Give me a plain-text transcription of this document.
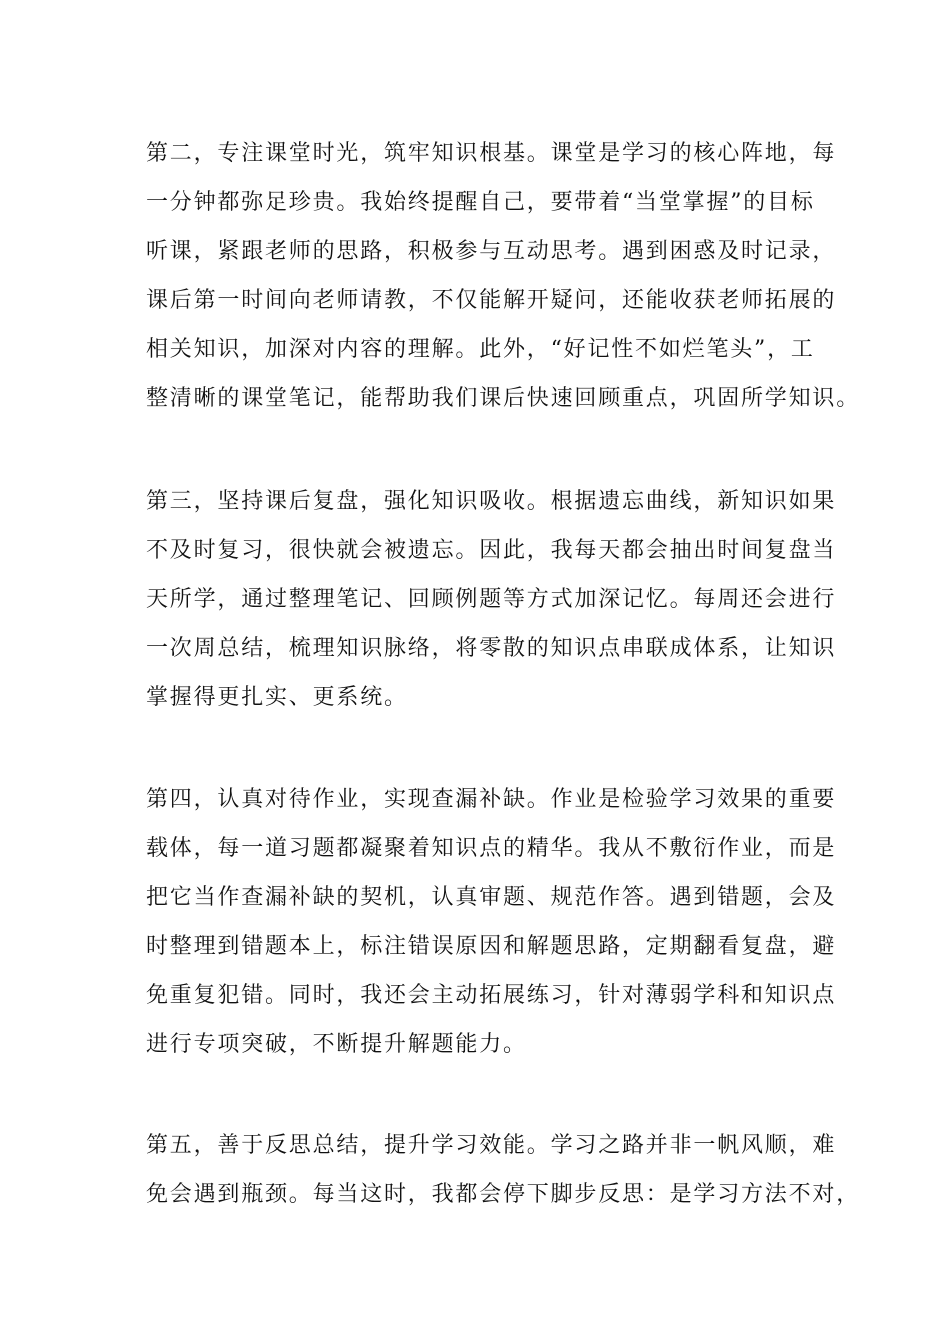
第二，专注课堂时光，筑牢知识根基。课堂是学习的核心阵地，每
一分钟都弥足珍贵。我始终提醒自己，要带着“当堂掌握”的目标
听课，紧跟老师的思路，积极参与互动思考。遇到困惑及时记录，
课后第一时间向老师请教，不仅能解开疑问，还能收获老师拓展的
相关知识，加深对内容的理解。此外，“好记性不如烂笔头”，工
整清晰的课堂笔记，能帮助我们课后快速回顾重点，巩固所学知识。
第三，坚持课后复盘，强化知识吸收。根据遗忘曲线，新知识如果
不及时复习，很快就会被遗忘。因此，我每天都会抽出时间复盘当
天所学，通过整理笔记、回顾例题等方式加深记忆。每周还会进行
一次周总结，梳理知识脉络，将零散的知识点串联成体系，让知识
掌握得更扎实、更系统。
第四，认真对待作业，实现查漏补缺。作业是检验学习效果的重要
载体，每一道习题都凝聚着知识点的精华。我从不敷衍作业，而是
把它当作查漏补缺的契机，认真审题、规范作答。遇到错题，会及
时整理到错题本上，标注错误原因和解题思路，定期翻看复盘，避
免重复犯错。同时，我还会主动拓展练习，针对薄弱学科和知识点
进行专项突破，不断提升解题能力。
第五，善于反思总结，提升学习效能。学习之路并非一帆风顺，难
免会遇到瓶颈。每当这时，我都会停下脚步反思：是学习方法不对，
